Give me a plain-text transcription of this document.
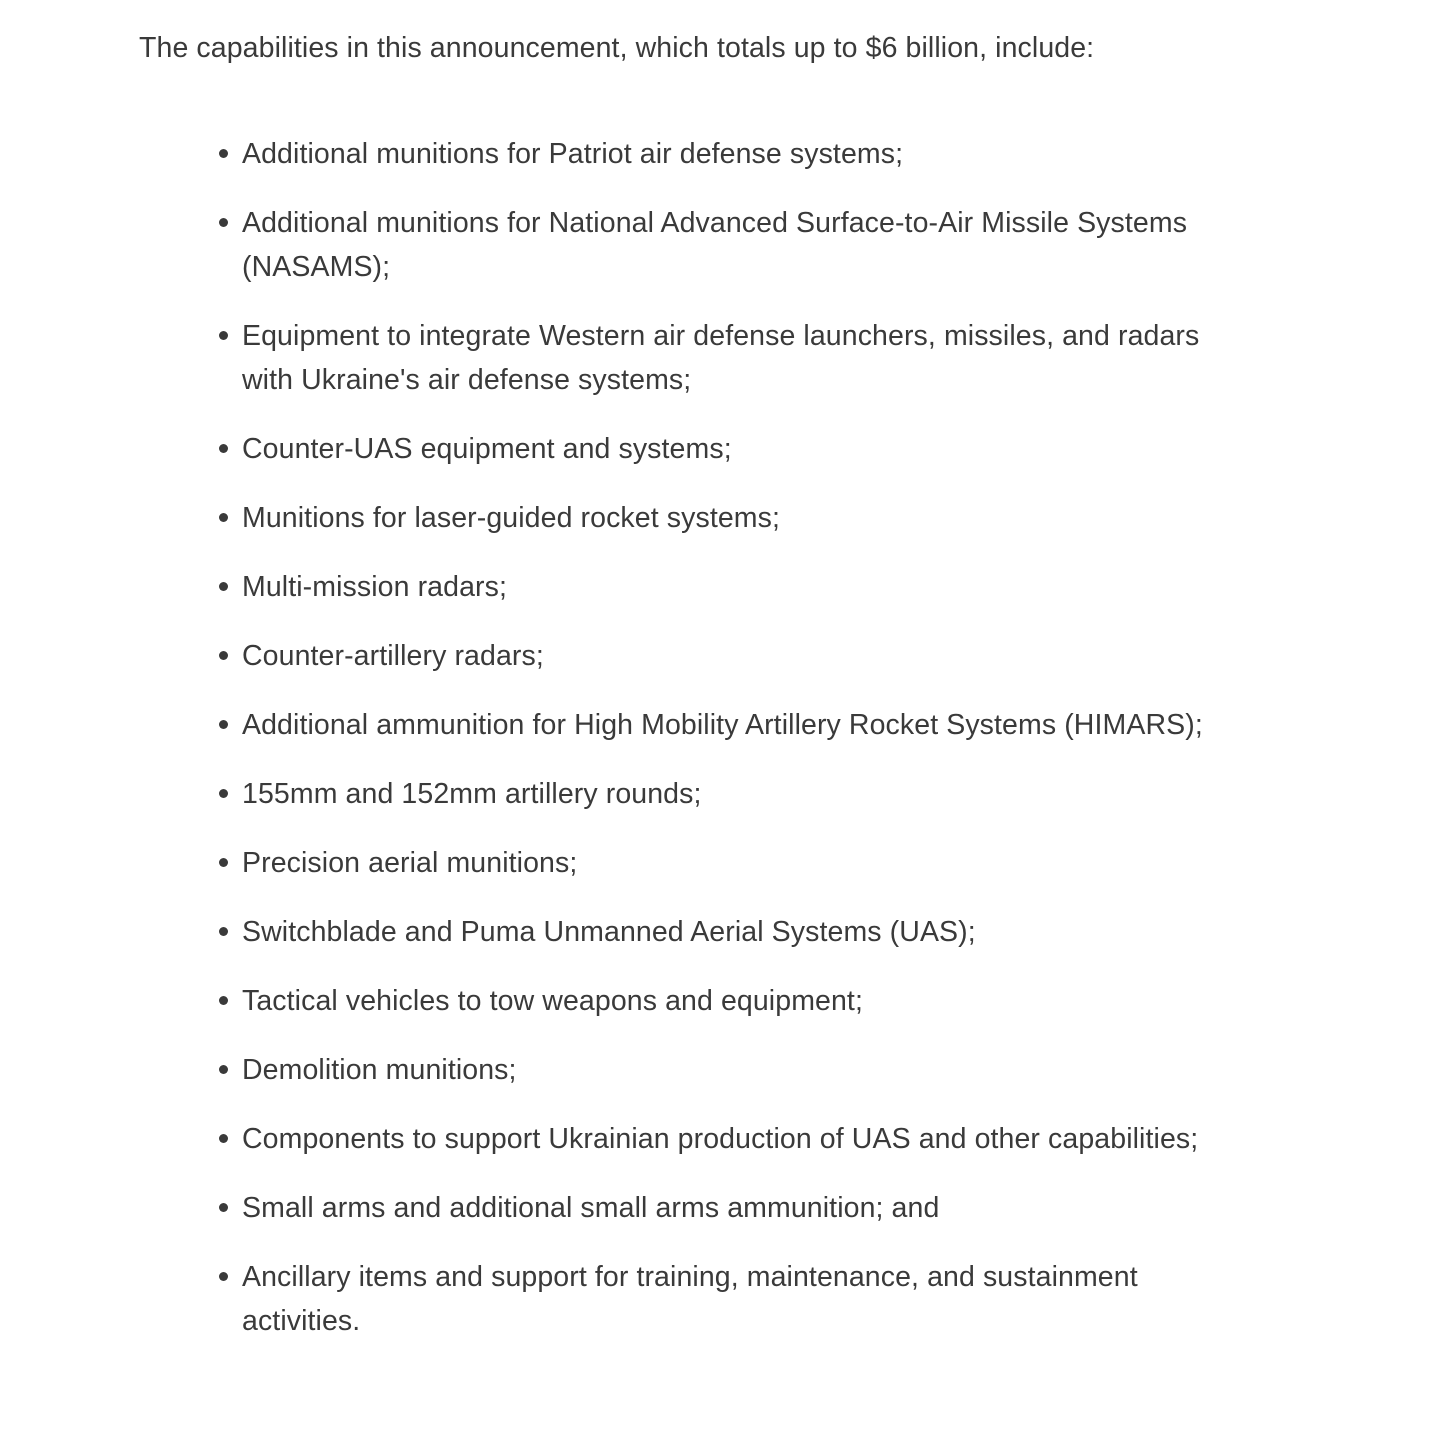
The capabilities in this announcement, which totals up to $6 billion, include:

Additional munitions for Patriot air defense systems;
Additional munitions for National Advanced Surface-to-Air Missile Systems (NASAMS);
Equipment to integrate Western air defense launchers, missiles, and radars with Ukraine's air defense systems;
Counter-UAS equipment and systems;
Munitions for laser-guided rocket systems;
Multi-mission radars;
Counter-artillery radars;
Additional ammunition for High Mobility Artillery Rocket Systems (HIMARS);
155mm and 152mm artillery rounds;
Precision aerial munitions;
Switchblade and Puma Unmanned Aerial Systems (UAS);
Tactical vehicles to tow weapons and equipment;
Demolition munitions;
Components to support Ukrainian production of UAS and other capabilities;
Small arms and additional small arms ammunition; and
Ancillary items and support for training, maintenance, and sustainment activities.
